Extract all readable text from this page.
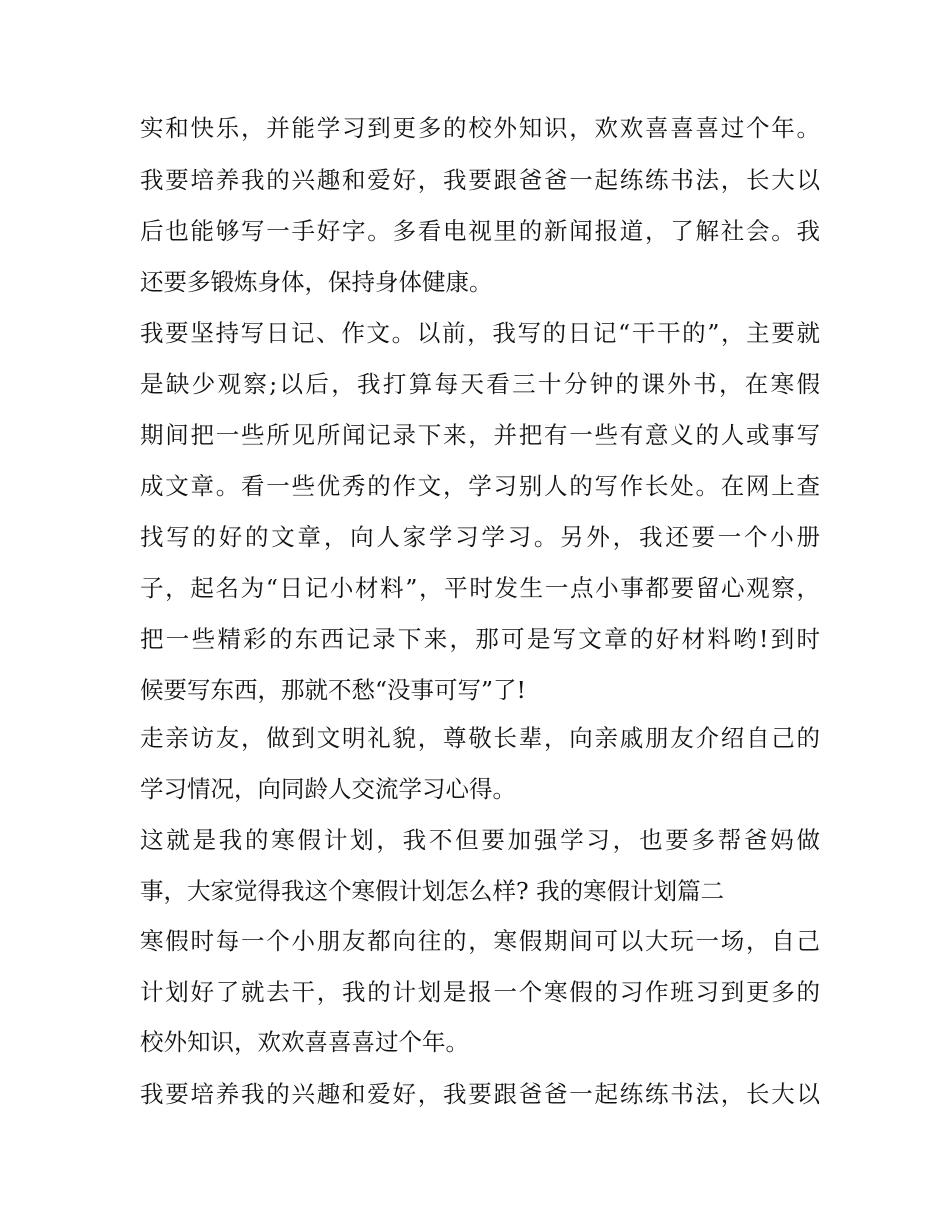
实和快乐，并能学习到更多的校外知识，欢欢喜喜喜过个年。
我要培养我的兴趣和爱好，我要跟爸爸一起练练书法，长大以
后也能够写一手好字。多看电视里的新闻报道，了解社会。我
还要多锻炼身体，保持身体健康。
我要坚持写日记、作文。以前，我写的日记“干干的”，主要就
是缺少观察;以后，我打算每天看三十分钟的课外书，在寒假
期间把一些所见所闻记录下来，并把有一些有意义的人或事写
成文章。看一些优秀的作文，学习别人的写作长处。在网上查
找写的好的文章，向人家学习学习。另外，我还要一个小册
子，起名为“日记小材料”，平时发生一点小事都要留心观察，
把一些精彩的东西记录下来，那可是写文章的好材料哟!到时
候要写东西，那就不愁“没事可写”了!
走亲访友，做到文明礼貌，尊敬长辈，向亲戚朋友介绍自己的
学习情况，向同龄人交流学习心得。
这就是我的寒假计划，我不但要加强学习，也要多帮爸妈做
事，大家觉得我这个寒假计划怎么样? 我的寒假计划篇二
寒假时每一个小朋友都向往的，寒假期间可以大玩一场，自己
计划好了就去干，我的计划是报一个寒假的习作班习到更多的
校外知识，欢欢喜喜喜过个年。
我要培养我的兴趣和爱好，我要跟爸爸一起练练书法，长大以
